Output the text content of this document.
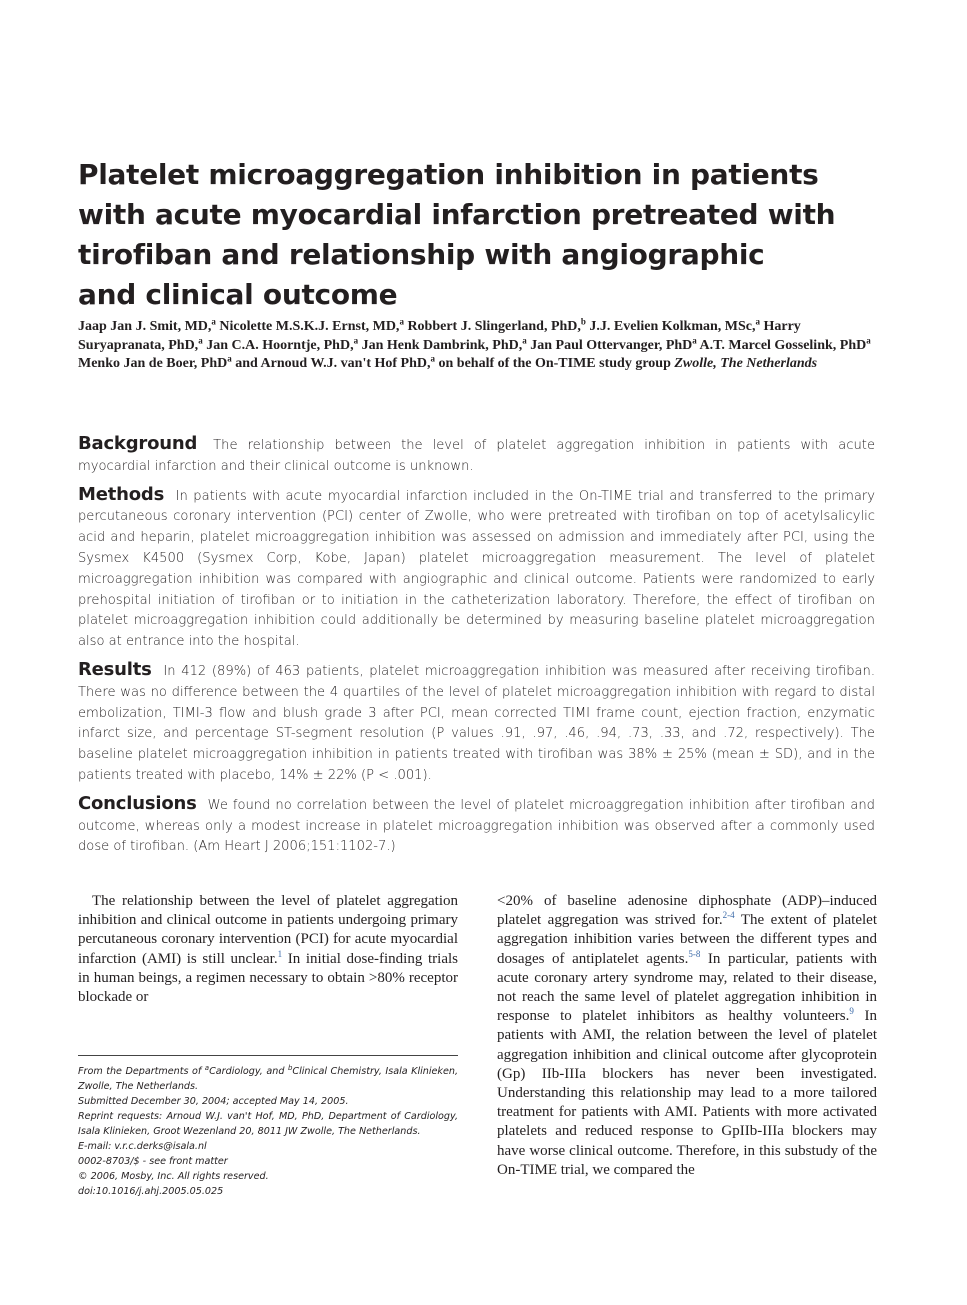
Platelet microaggregation inhibition in patients
with acute myocardial infarction pretreated with
tirofiban and relationship with angiographic
and clinical outcome
Jaap Jan J. Smit, MD,$^a$ Nicolette M.S.K.J. Ernst, MD,$^a$ Robbert J. Slingerland, PhD,$^b$ J.J. Evelien Kolkman, MSc,$^a$ Harry Suryapranata, PhD,$^a$ Jan C.A. Hoorntje, PhD,$^a$ Jan Henk Dambrink, PhD,$^a$ Jan Paul Ottervanger, PhD$^a$ A.T. Marcel Gosselink, PhD$^a$ Menko Jan de Boer, PhD$^a$ and Arnoud W.J. van't Hof PhD,$^a$ on behalf of the On-TIME study group Zwolle, The Netherlands

Background The relationship between the level of platelet aggregation inhibition in patients with acute myocardial infarction and their clinical outcome is unknown.

Methods In patients with acute myocardial infarction included in the On-TIME trial and transferred to the primary percutaneous coronary intervention (PCI) center of Zwolle, who were pretreated with tirofiban on top of acetylsalicylic acid and heparin, platelet microaggregation inhibition was assessed on admission and immediately after PCI, using the Sysmex K4500 (Sysmex Corp, Kobe, Japan) platelet microaggregation measurement. The level of platelet microaggregation inhibition was compared with angiographic and clinical outcome. Patients were randomized to early prehospital initiation of tirofiban or to initiation in the catheterization laboratory. Therefore, the effect of tirofiban on platelet microaggregation inhibition could additionally be determined by measuring baseline platelet microaggregation also at entrance into the hospital.

Results In 412 (89%) of 463 patients, platelet microaggregation inhibition was measured after receiving tirofiban. There was no difference between the 4 quartiles of the level of platelet microaggregation inhibition with regard to distal embolization, TIMI-3 flow and blush grade 3 after PCI, mean corrected TIMI frame count, ejection fraction, enzymatic infarct size, and percentage ST-segment resolution (P values .91, .97, .46, .94, .73, .33, and .72, respectively). The baseline platelet microaggregation inhibition in patients treated with tirofiban was 38% ± 25% (mean ± SD), and in the patients treated with placebo, 14% ± 22% (P < .001).

Conclusions We found no correlation between the level of platelet microaggregation inhibition after tirofiban and outcome, whereas only a modest increase in platelet microaggregation inhibition was observed after a commonly used dose of tirofiban. (Am Heart J 2006;151:1102-7.)

The relationship between the level of platelet aggregation inhibition and clinical outcome in patients undergoing primary percutaneous coronary intervention (PCI) for acute myocardial infarction (AMI) is still unclear.$^1$ In initial dose-finding trials in human beings, a regimen necessary to obtain >80% receptor blockade or

From the Departments of $^a$Cardiology, and $^b$Clinical Chemistry, Isala Klinieken, Zwolle, The Netherlands.
Submitted December 30, 2004; accepted May 14, 2005.
Reprint requests: Arnoud W.J. van't Hof, MD, PhD, Department of Cardiology, Isala Klinieken, Groot Wezenland 20, 8011 JW Zwolle, The Netherlands.
E-mail: v.r.c.derks@isala.nl
0002-8703/$ - see front matter
© 2006, Mosby, Inc. All rights reserved.
doi:10.1016/j.ahj.2005.05.025

<20% of baseline adenosine diphosphate (ADP)–induced platelet aggregation was strived for.$^{2-4}$ The extent of platelet aggregation inhibition varies between the different types and dosages of antiplatelet agents.$^{5-8}$ In particular, patients with acute coronary artery syndrome may, related to their disease, not reach the same level of platelet aggregation inhibition in response to platelet inhibitors as healthy volunteers.$^9$ In patients with AMI, the relation between the level of platelet aggregation inhibition and clinical outcome after glycoprotein (Gp) IIb-IIIa blockers has never been investigated. Understanding this relationship may lead to a more tailored treatment for patients with AMI. Patients with more activated platelets and reduced response to GpIIb-IIIa blockers may have worse clinical outcome. Therefore, in this substudy of the On-TIME trial, we compared the
